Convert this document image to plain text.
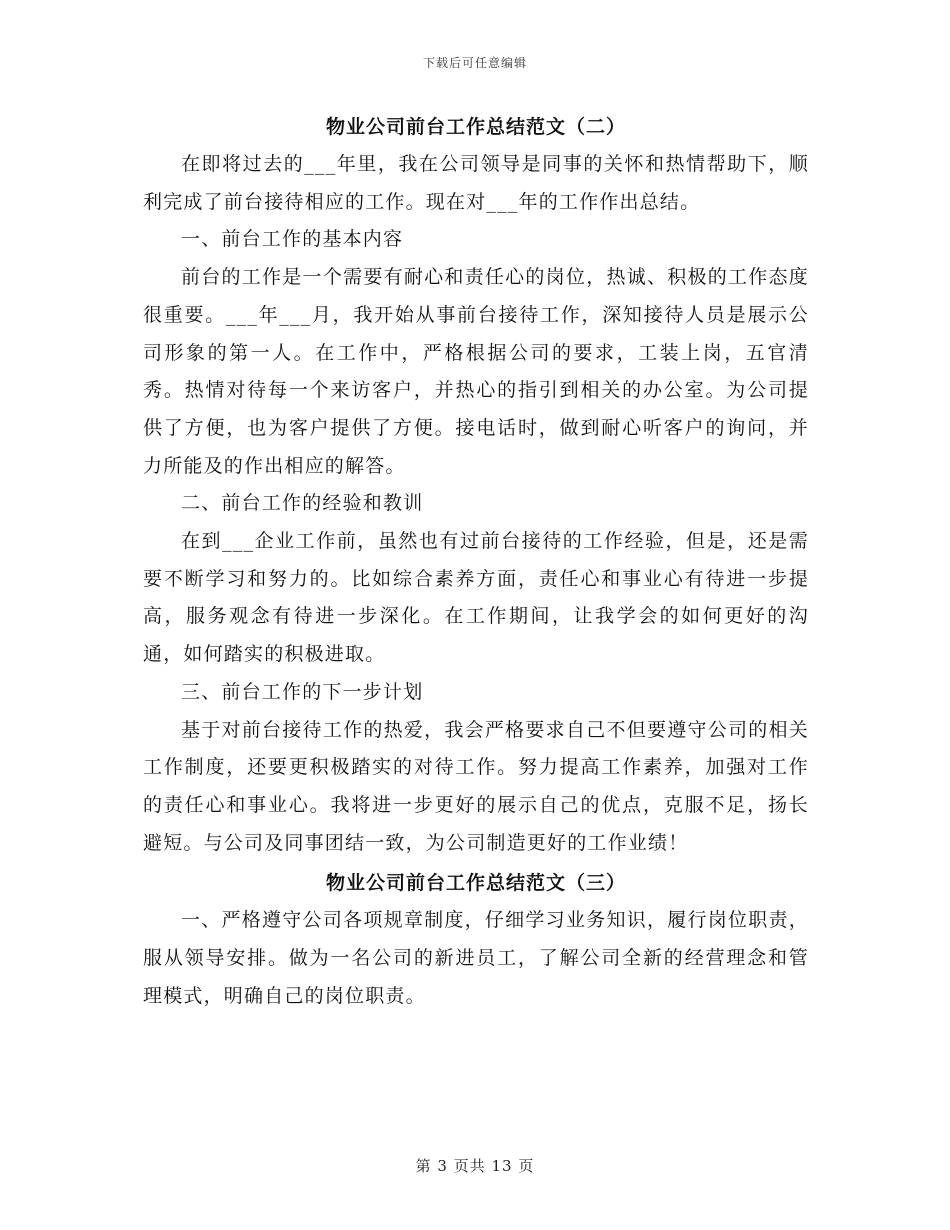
下载后可任意编辑
物业公司前台工作总结范文（二）

在即将过去的___年里，我在公司领导是同事的关怀和热情帮助下，顺利完成了前台接待相应的工作。现在对___年的工作作出总结。

一、前台工作的基本内容

前台的工作是一个需要有耐心和责任心的岗位，热诚、积极的工作态度很重要。___年___月，我开始从事前台接待工作，深知接待人员是展示公司形象的第一人。在工作中，严格根据公司的要求，工装上岗，五官清秀。热情对待每一个来访客户，并热心的指引到相关的办公室。为公司提供了方便，也为客户提供了方便。接电话时，做到耐心听客户的询问，并力所能及的作出相应的解答。

二、前台工作的经验和教训

在到___企业工作前，虽然也有过前台接待的工作经验，但是，还是需要不断学习和努力的。比如综合素养方面，责任心和事业心有待进一步提高，服务观念有待进一步深化。在工作期间，让我学会的如何更好的沟通，如何踏实的积极进取。

三、前台工作的下一步计划

基于对前台接待工作的热爱，我会严格要求自己不但要遵守公司的相关工作制度，还要更积极踏实的对待工作。努力提高工作素养，加强对工作的责任心和事业心。我将进一步更好的展示自己的优点，克服不足，扬长避短。与公司及同事团结一致，为公司制造更好的工作业绩！

物业公司前台工作总结范文（三）

一、严格遵守公司各项规章制度，仔细学习业务知识，履行岗位职责，服从领导安排。做为一名公司的新进员工，了解公司全新的经营理念和管理模式，明确自己的岗位职责。

第 3 页共 13 页
